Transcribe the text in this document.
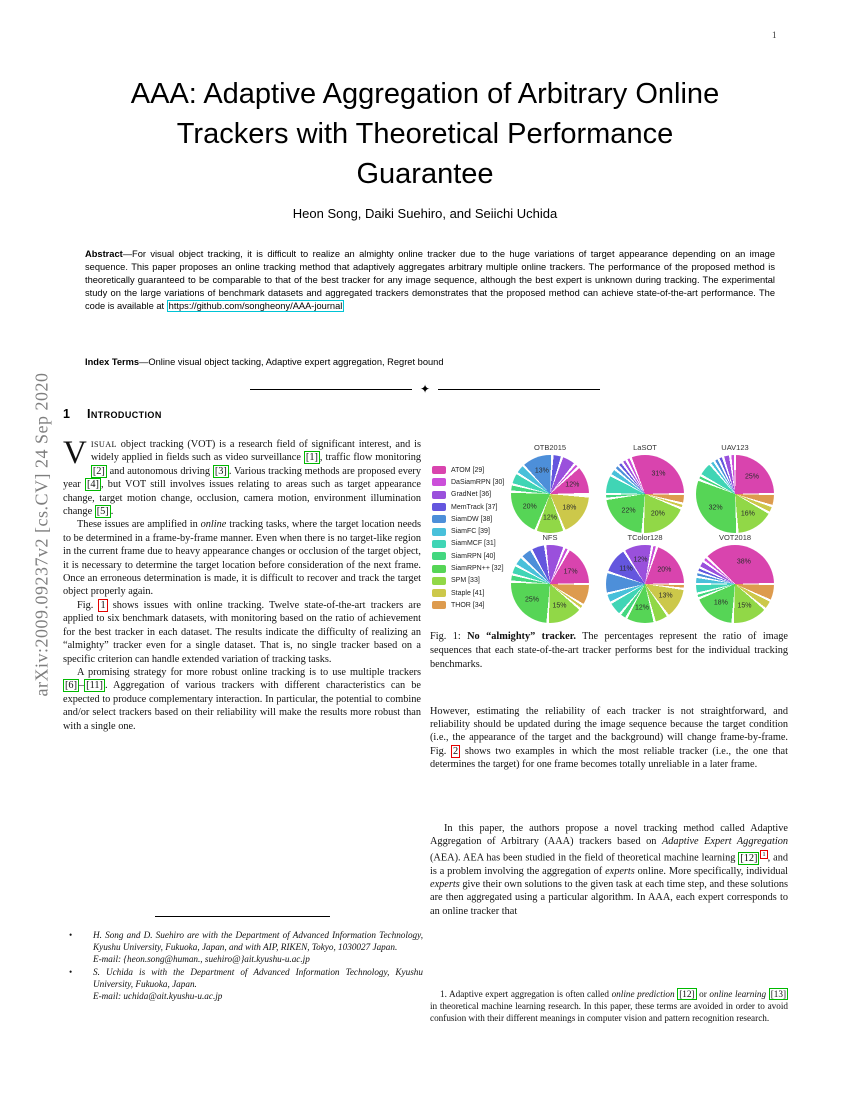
1
arXiv:2009.09237v2 [cs.CV] 24 Sep 2020
AAA: Adaptive Aggregation of Arbitrary Online
Trackers with Theoretical Performance
Guarantee
Heon Song, Daiki Suehiro, and Seiichi Uchida
Abstract—For visual object tracking, it is difficult to realize an almighty online tracker due to the huge variations of target appearance depending on an image sequence. This paper proposes an online tracking method that adaptively aggregates arbitrary multiple online trackers. The performance of the proposed method is theoretically guaranteed to be comparable to that of the best tracker for any image sequence, although the best expert is unknown during tracking. The experimental study on the large variations of benchmark datasets and aggregated trackers demonstrates that the proposed method can achieve state-of-the-art performance. The code is available at https://github.com/songheony/AAA-journal
Index Terms—Online visual object tacking, Adaptive expert aggregation, Regret bound
✦
1 Introduction

VISUAL object tracking (VOT) is a research field of significant interest, and is widely applied in fields such as video surveillance [1] , traffic flow monitoring [2] and autonomous driving [3] . Various tracking methods are proposed every year [4] , but VOT still involves issues relating to areas such as target appearance change, target motion change, occlusion, camera motion, environment illumination change [5] .

These issues are amplified in online tracking tasks, where the target location needs to be determined in a frame-by-frame manner. Even when there is no target-like region in the current frame due to heavy appearance changes or occlusion of the target object, it is necessary to determine the target location before consideration of the next frame. Once an erroneous determination is made, it is difficult to recover and track the target object properly again.

Fig. 1 shows issues with online tracking. Twelve state-of-the-art trackers are applied to six benchmark datasets, with monitoring based on the ratio of achievement for the best tracker in each dataset. The results indicate the difficulty of realizing an “almighty” tracker even for a single dataset. That is, no single tracker based on a specific criterion can handle extended variation of tracking tasks.

A promising strategy for more robust online tracking is to use multiple trackers [6] – [11] . Aggregation of various trackers with different characteristics can be expected to produce complementary interaction. In particular, the potential to combine and/or select trackers based on their reliability will make the results more robust than with a single one.

ATOM [29]
DaSiamRPN [30]
GradNet [36]
MemTrack [37]
SiamDW [38]
SiamFC [39]
SiamMCF [31]
SiamRPN [40]
SiamRPN++ [32]
SPM [33]
Staple [41]
THOR [34]
OTB2015
12%
13%
20%
12%
18%
LaSOT
31%
22% 20%
UAV123
25%
32%
16%
NFS
17%
25%
15%
TColor128
20%
12%
11%
12%
13%
VOT2018
38%
18% 15%
Fig. 1: No “almighty” tracker. The percentages represent the ratio of image sequences that each state-of-the-art tracker performs best for the individual tracking benchmarks.
However, estimating the reliability of each tracker is not straightforward, and reliability should be updated during the image sequence because the target condition (i.e., the appearance of the target and the background) will change frame-by-frame. Fig. 2 shows two examples in which the most reliable tracker (i.e., the one that determines the target) for one frame becomes totally unreliable in a later frame.
In this paper, the authors propose a novel tracking method called Adaptive Aggregation of Arbitrary (AAA) trackers based on Adaptive Expert Aggregation (AEA). AEA has been studied in the field of theoretical machine learning [12] $^1$ , and is a problem involving the aggregation of experts online. More specifically, individual experts give their own solutions to the given task at each time step, and these solutions are then aggregated using a particular algorithm. In AAA, each expert corresponds to an online tracker that
•	H. Song and D. Suehiro are with the Department of Advanced Information Technology, Kyushu University, Fukuoka, Japan, and with AIP, RIKEN, Tokyo, 1030027 Japan.
E-mail: {heon.song@human., suehiro@}ait.kyushu-u.ac.jp
•	S. Uchida is with the Department of Advanced Information Technology, Kyushu University, Fukuoka, Japan.
E-mail: uchida@ait.kyushu-u.ac.jp	1. Adaptive expert aggregation is often called online prediction [12] or online learning [13] in theoretical machine learning research. In this paper, these terms are avoided in order to avoid confusion with their different meanings in computer vision and pattern recognition research.
